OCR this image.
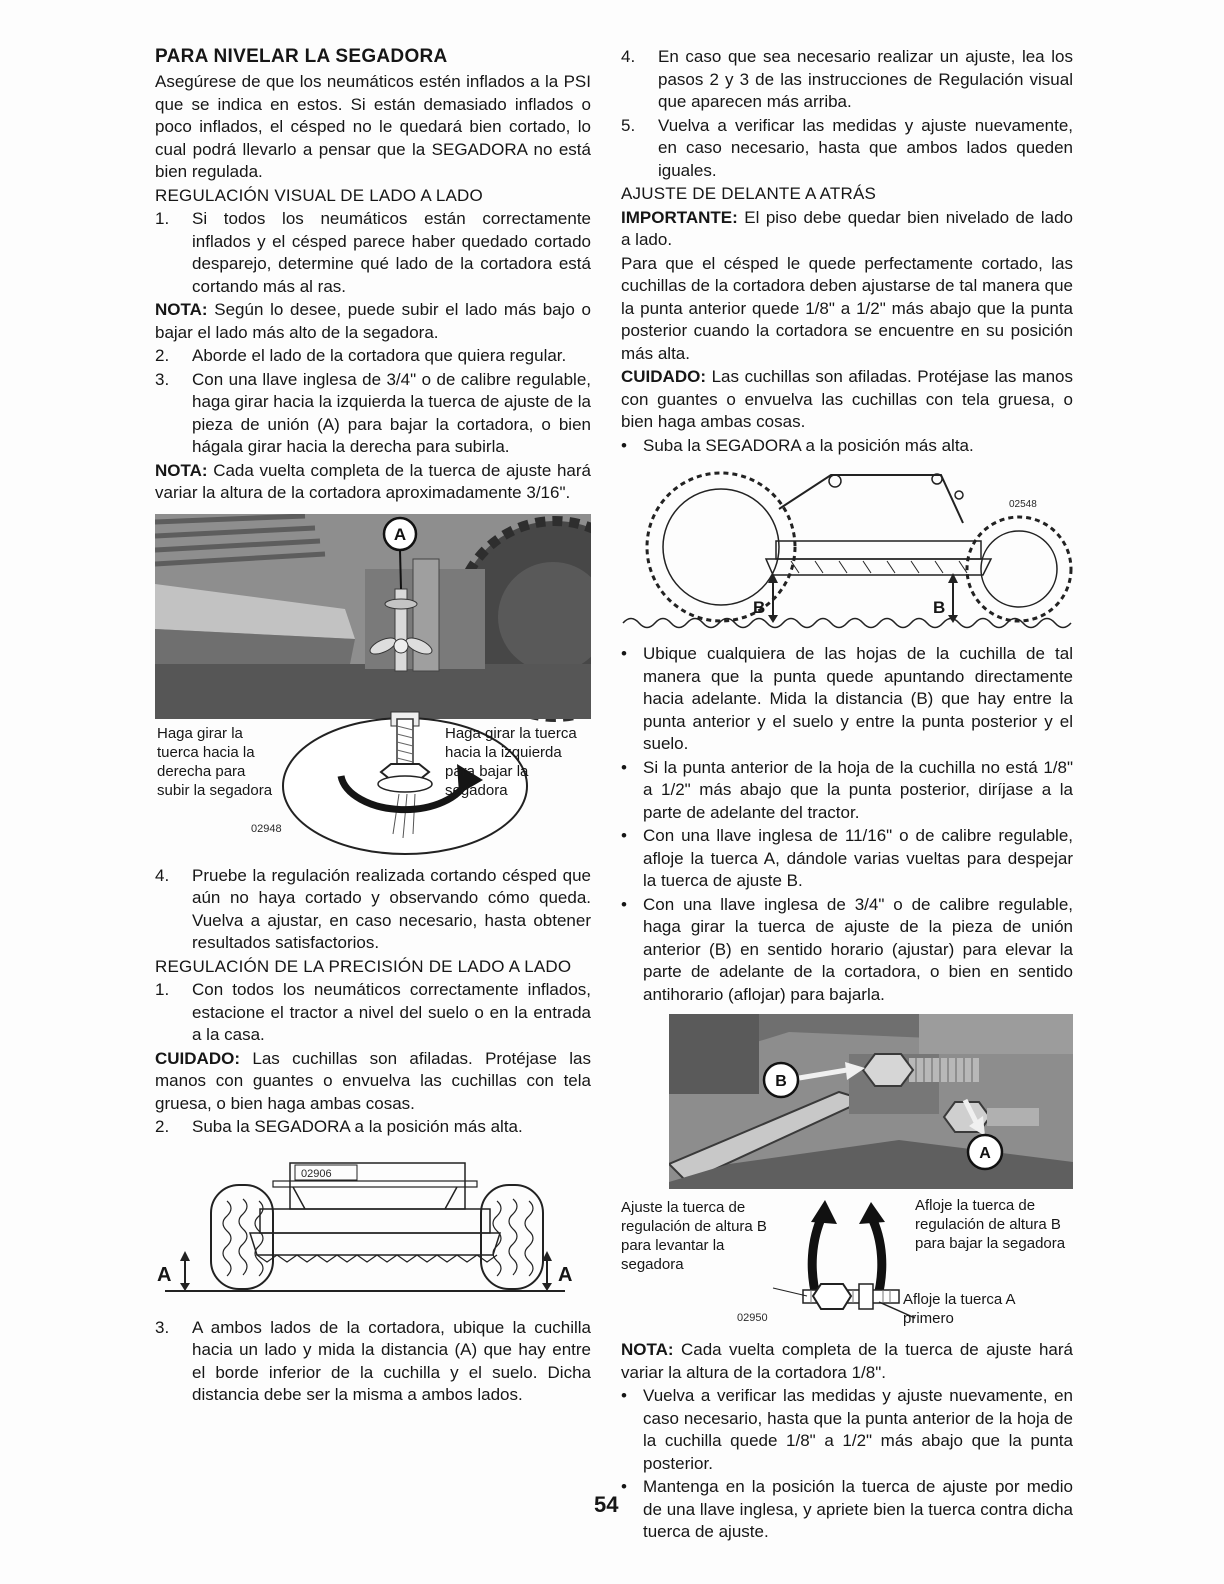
PARA NIVELAR LA SEGADORA

Asegúrese de que los neumáticos estén inflados a la PSI que se indica en estos. Si están demasiado inflados o poco inflados, el césped no le quedará bien cortado, lo cual podrá llevarlo a pensar que la SEGADORA no está bien regulada.

REGULACIÓN VISUAL DE LADO A LADO

1.	Si todos los neumáticos están correctamente inflados y el césped parece haber quedado cortado desparejo, determine qué lado de la cortadora está cortando más al ras.

NOTA: Según lo desee, puede subir el lado más bajo o bajar el lado más alto de la segadora.

2.	Aborde el lado de la cortadora que quiera regular.
3.	Con una llave inglesa de 3/4" o de calibre regulable, haga girar hacia la izquierda la tuerca de ajuste de la pieza de unión (A) para bajar la cortadora, o bien hágala girar hacia la derecha para subirla.

NOTA: Cada vuelta completa de la tuerca de ajuste hará variar la altura de la cortadora aproximadamente 3/16".

A
02948
Haga girar la tuerca hacia la derecha para subir la segadora
Haga girar la tuerca hacia la izquierda para bajar la segadora
4.	Pruebe la regulación realizada cortando césped que aún no haya cortado y observando cómo queda. Vuelva a ajustar, en caso necesario, hasta obtener resultados satisfactorios.

REGULACIÓN DE LA PRECISIÓN DE LADO A LADO

1.	Con todos los neumáticos correctamente inflados, estacione el tractor a nivel del suelo o en la entrada a la casa.

CUIDADO: Las cuchillas son afiladas. Protéjase las manos con guantes o envuelva las cuchillas con tela gruesa, o bien haga ambas cosas.

2.	Suba la SEGADORA a la posición más alta.
02906
A	A
3.	A ambos lados de la cortadora, ubique la cuchilla hacia un lado y mida la distancia (A) que hay entre el borde inferior de la cuchilla y el suelo. Dicha distancia debe ser la misma a ambos lados.
4.	En caso que sea necesario realizar un ajuste, lea los pasos 2 y 3 de las instrucciones de Regulación visual que aparecen más arriba.
5.	Vuelva a verificar las medidas y ajuste nuevamente, en caso necesario, hasta que ambos lados queden iguales.

AJUSTE DE DELANTE A ATRÁS

IMPORTANTE: El piso debe quedar bien nivelado de lado a lado.

Para que el césped le quede perfectamente cortado, las cuchillas de la cortadora deben ajustarse de tal manera que la punta anterior quede 1/8" a 1/2" más abajo que la punta posterior cuando la cortadora se encuentre en su posición más alta.

CUIDADO: Las cuchillas son afiladas. Protéjase las manos con guantes o envuelva las cuchillas con tela gruesa, o bien haga ambas cosas.

• Suba la SEGADORA a la posición más alta.
02548
B	B
• Ubique cualquiera de las hojas de la cuchilla de tal manera que la punta quede apuntando directamente hacia adelante. Mida la distancia (B) que hay entre la punta anterior y el suelo y entre la punta posterior y el suelo.
• Si la punta anterior de la hoja de la cuchilla no está 1/8" a 1/2" más abajo que la punta posterior, diríjase a la parte de adelante del tractor.
• Con una llave inglesa de 11/16" o de calibre regulable, afloje la tuerca A, dándole varias vueltas para despejar la tuerca de ajuste B.
• Con una llave inglesa de 3/4" o de calibre regulable, haga girar la tuerca de ajuste de la pieza de unión anterior (B) en sentido horario (ajustar) para elevar la parte de adelante de la cortadora, o bien en sentido antihorario (aflojar) para bajarla.
B
A
Ajuste la tuerca de regulación de altura B para levantar la segadora
Afloje la tuerca de regulación de altura B para bajar la segadora
Afloje la tuerca A primero
02950

NOTA: Cada vuelta completa de la tuerca de ajuste hará variar la altura de la cortadora 1/8".

• Vuelva a verificar las medidas y ajuste nuevamente, en caso necesario, hasta que la punta anterior de la hoja de la cuchilla quede 1/8" a 1/2" más abajo que la punta posterior.
• Mantenga en la posición la tuerca de ajuste por medio de una llave inglesa, y apriete bien la tuerca contra dicha tuerca de ajuste.
54
